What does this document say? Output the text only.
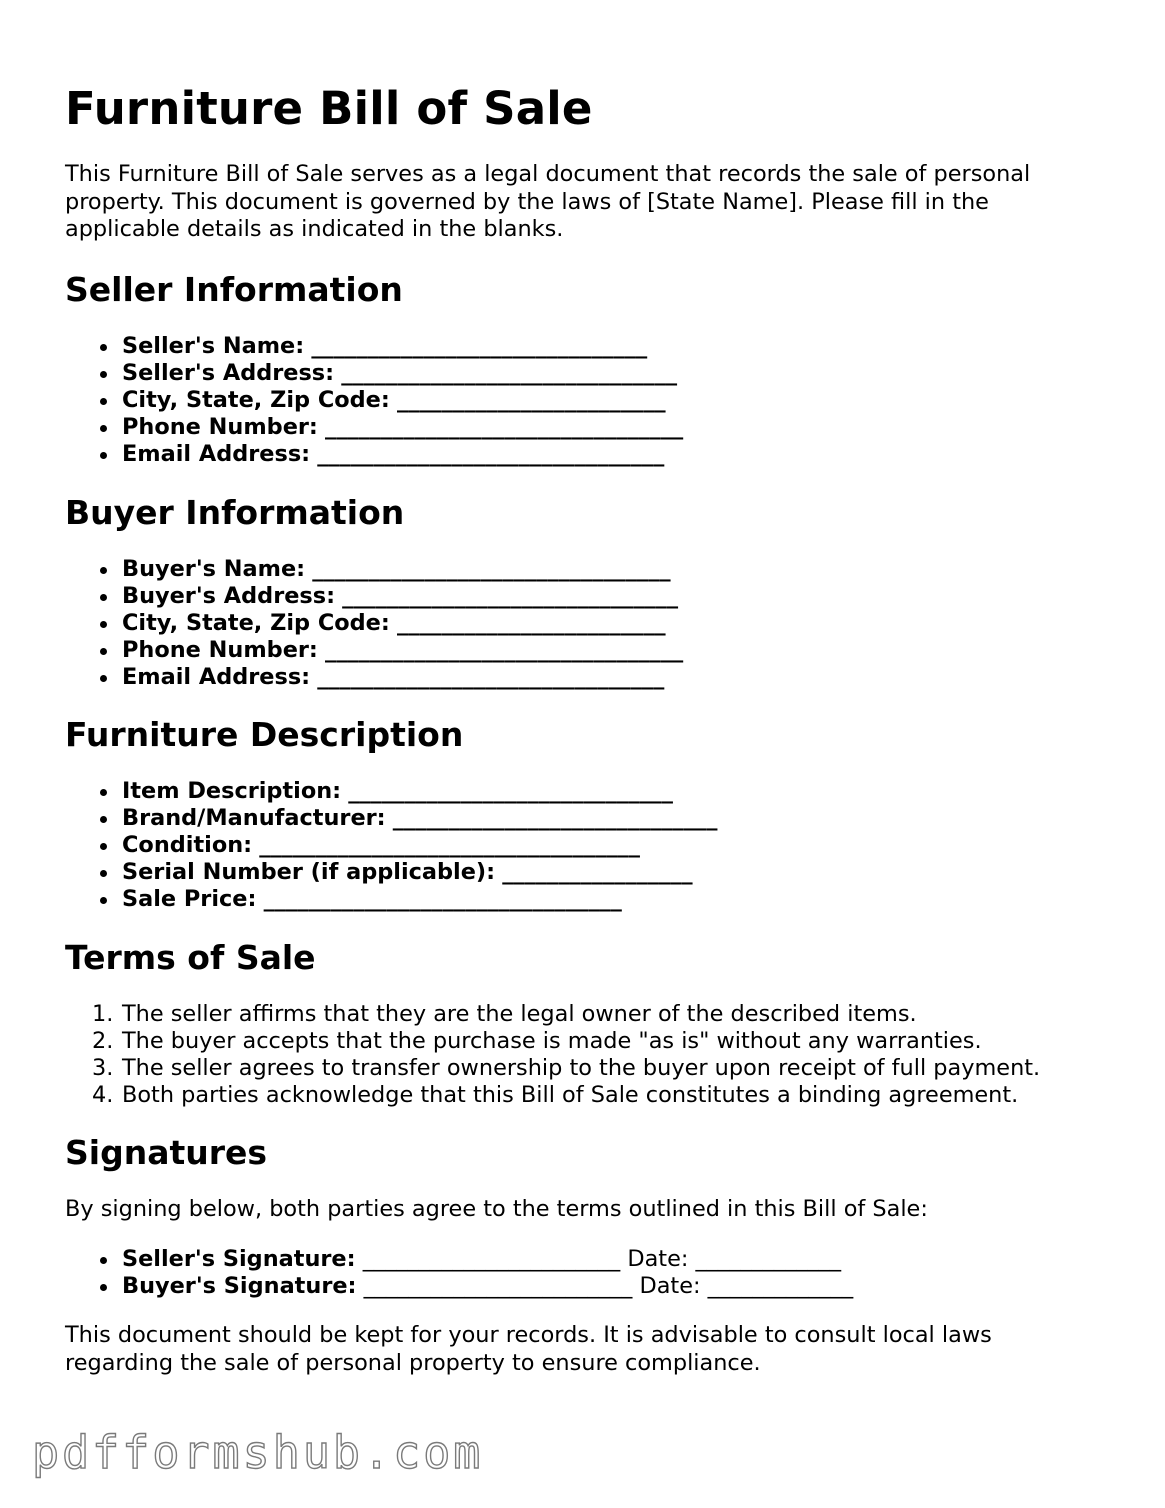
Furniture Bill of Sale

This Furniture Bill of Sale serves as a legal document that records the sale of personal property. This document is governed by the laws of [State Name]. Please fill in the applicable details as indicated in the blanks.

Seller Information
Seller's Name: ______________________________
Seller's Address: ______________________________
City, State, Zip Code: ________________________
Phone Number: ________________________________
Email Address: _______________________________
Buyer Information
Buyer's Name: ________________________________
Buyer's Address: ______________________________
City, State, Zip Code: ________________________
Phone Number: ________________________________
Email Address: _______________________________
Furniture Description
Item Description: _____________________________
Brand/Manufacturer: _____________________________
Condition: __________________________________
Serial Number (if applicable): _________________
Sale Price: ________________________________
Terms of Sale
1. The seller affirms that they are the legal owner of the described items.
2. The buyer accepts that the purchase is made "as is" without any warranties.
3. The seller agrees to transfer ownership to the buyer upon receipt of full payment.
4. Both parties acknowledge that this Bill of Sale constitutes a binding agreement.
Signatures

By signing below, both parties agree to the terms outlined in this Bill of Sale:

Seller's Signature: _______________________ Date: _____________
Buyer's Signature: ________________________ Date: _____________

This document should be kept for your records. It is advisable to consult local laws regarding the sale of personal property to ensure compliance.

pdfformshub.com
